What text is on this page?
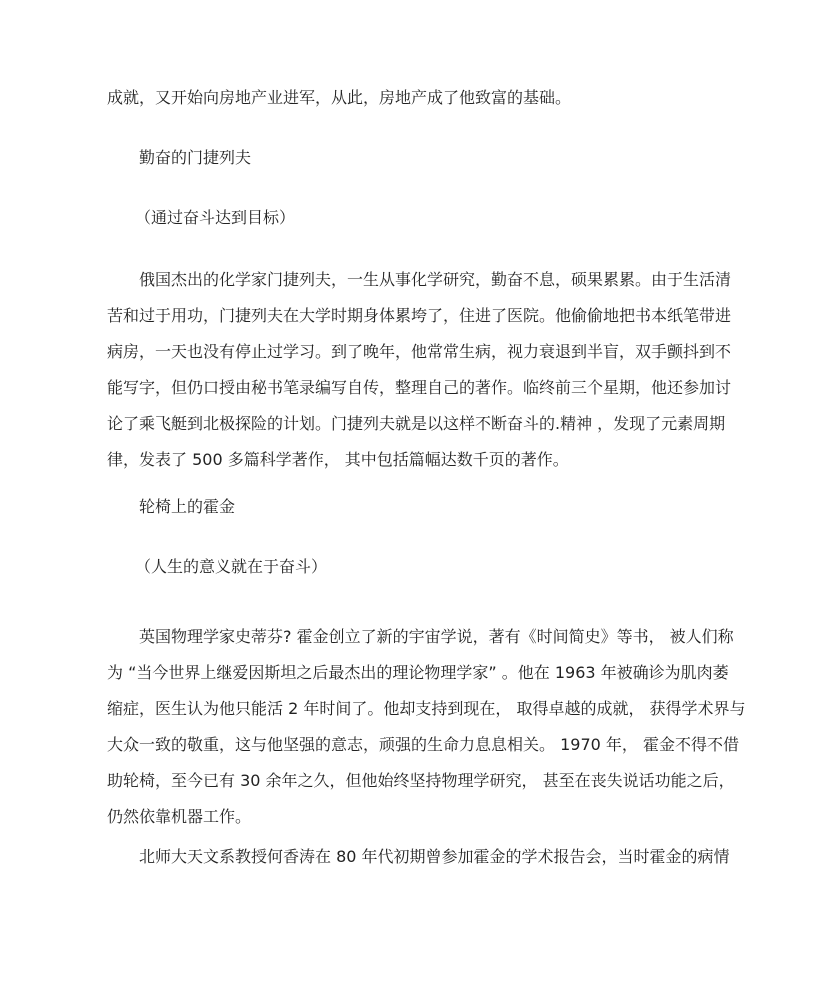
成就，又开始向房地产业进军，从此，房地产成了他致富的基础。
勤奋的门捷列夫
（通过奋斗达到目标）
俄国杰出的化学家门捷列夫，一生从事化学研究，勤奋不息，硕果累累。由于生活清
苦和过于用功，门捷列夫在大学时期身体累垮了，住进了医院。他偷偷地把书本纸笔带进
病房，一天也没有停止过学习。到了晚年，他常常生病，视力衰退到半盲，双手颤抖到不
能写字，但仍口授由秘书笔录编写自传，整理自己的著作。临终前三个星期，他还参加讨
论了乘飞艇到北极探险的计划。门捷列夫就是以这样不断奋斗的.精神 ，发现了元素周期
律，发表了 500 多篇科学著作， 其中包括篇幅达数千页的著作。
轮椅上的霍金
（人生的意义就在于奋斗）
英国物理学家史蒂芬? 霍金创立了新的宇宙学说，著有《时间简史》等书， 被人们称
为 “当今世界上继爱因斯坦之后最杰出的理论物理学家” 。他在 1963 年被确诊为肌肉萎
缩症，医生认为他只能活 2 年时间了。他却支持到现在， 取得卓越的成就， 获得学术界与
大众一致的敬重，这与他坚强的意志，顽强的生命力息息相关。 1970 年， 霍金不得不借
助轮椅，至今已有 30 余年之久，但他始终坚持物理学研究， 甚至在丧失说话功能之后，
仍然依靠机器工作。
北师大天文系教授何香涛在 80 年代初期曾参加霍金的学术报告会，当时霍金的病情
